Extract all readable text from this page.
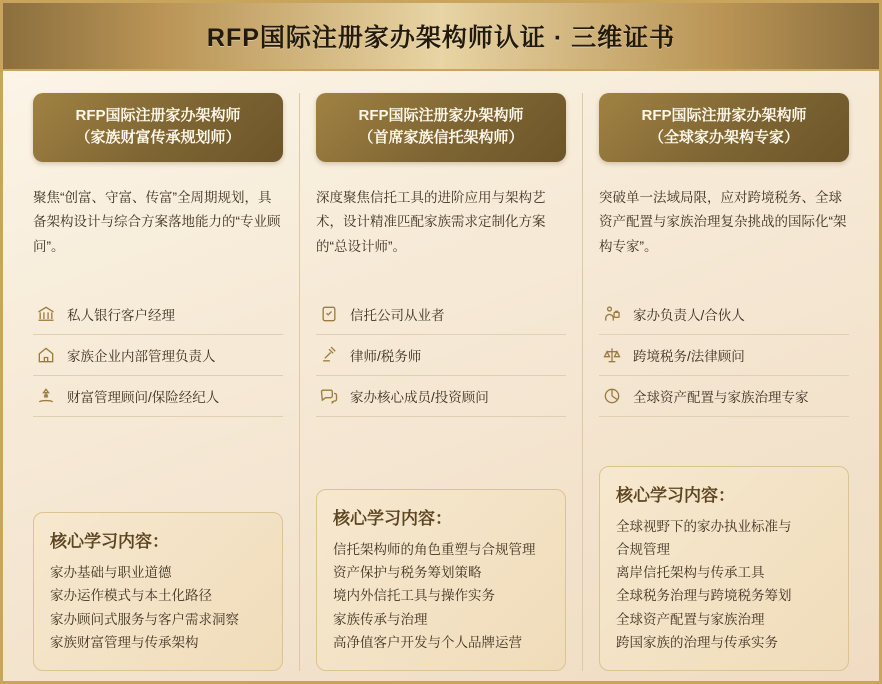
RFP国际注册家办架构师认证 · 三维证书
RFP国际注册家办架构师
（家族财富传承规划师）
聚焦“创富、守富、传富”全周期规划，具备架构设计与综合方案落地能力的“专业顾问”。
私人银行客户经理
家族企业内部管理负责人
财富管理顾问/保险经纪人
核心学习内容：
家办基础与职业道德
家办运作模式与本土化路径
家办顾问式服务与客户需求洞察
家族财富管理与传承架构
RFP国际注册家办架构师
（首席家族信托架构师）
深度聚焦信托工具的进阶应用与架构艺术，设计精准匹配家族需求定制化方案的“总设计师”。
信托公司从业者
律师/税务师
家办核心成员/投资顾问
核心学习内容：
信托架构师的角色重塑与合规管理
资产保护与税务筹划策略
境内外信托工具与操作实务
家族传承与治理
高净值客户开发与个人品牌运营
RFP国际注册家办架构师
（全球家办架构专家）
突破单一法域局限，应对跨境税务、全球资产配置与家族治理复杂挑战的国际化“架构专家”。
家办负责人/合伙人
跨境税务/法律顾问
全球资产配置与家族治理专家
核心学习内容：
全球视野下的家办执业标准与
合规管理
离岸信托架构与传承工具
全球税务治理与跨境税务筹划
全球资产配置与家族治理
跨国家族的治理与传承实务
